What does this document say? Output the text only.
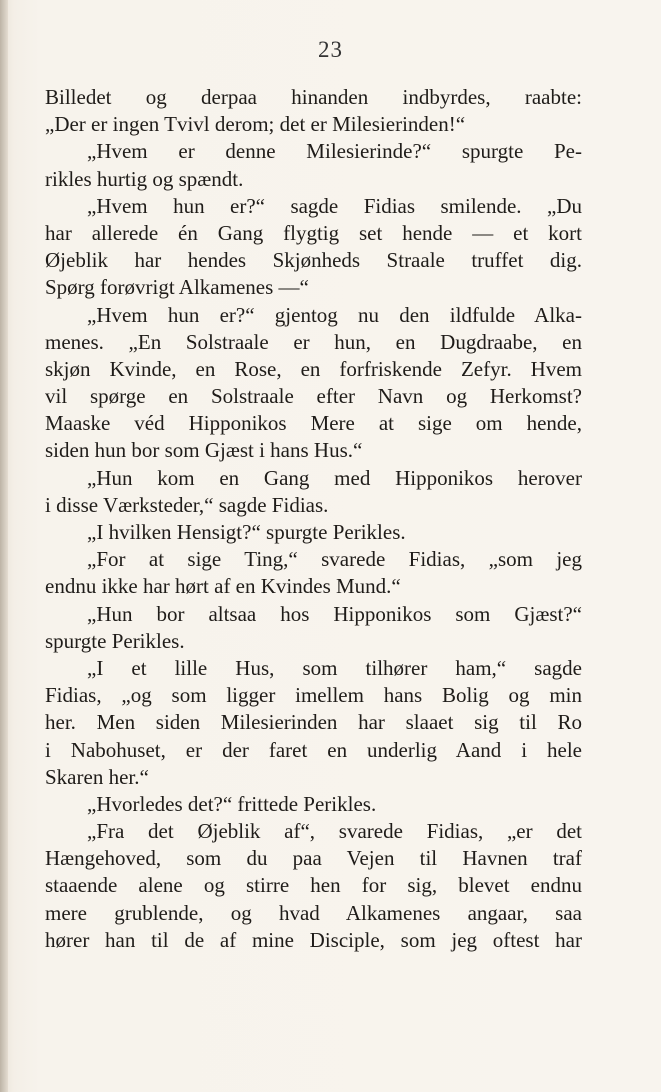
23
Billedet og derpaa hinanden indbyrdes, raabte:
„Der er ingen Tvivl derom; det er Milesierinden!“
„Hvem er denne Milesierinde?“ spurgte Pe-
rikles hurtig og spændt.
„Hvem hun er?“ sagde Fidias smilende. „Du
har allerede én Gang flygtig set hende — et kort
Øjeblik har hendes Skjønheds Straale truffet dig.
Spørg forøvrigt Alkamenes —“
„Hvem hun er?“ gjentog nu den ildfulde Alka-
menes. „En Solstraale er hun, en Dugdraabe, en
skjøn Kvinde, en Rose, en forfriskende Zefyr. Hvem
vil spørge en Solstraale efter Navn og Herkomst?
Maaske véd Hipponikos Mere at sige om hende,
siden hun bor som Gjæst i hans Hus.“
„Hun kom en Gang med Hipponikos herover
i disse Værksteder,“ sagde Fidias.
„I hvilken Hensigt?“ spurgte Perikles.
„For at sige Ting,“ svarede Fidias, „som jeg
endnu ikke har hørt af en Kvindes Mund.“
„Hun bor altsaa hos Hipponikos som Gjæst?“
spurgte Perikles.
„I et lille Hus, som tilhører ham,“ sagde
Fidias, „og som ligger imellem hans Bolig og min
her. Men siden Milesierinden har slaaet sig til Ro
i Nabohuset, er der faret en underlig Aand i hele
Skaren her.“
„Hvorledes det?“ frittede Perikles.
„Fra det Øjeblik af“, svarede Fidias, „er det
Hængehoved, som du paa Vejen til Havnen traf
staaende alene og stirre hen for sig, blevet endnu
mere grublende, og hvad Alkamenes angaar, saa
hører han til de af mine Disciple, som jeg oftest har
